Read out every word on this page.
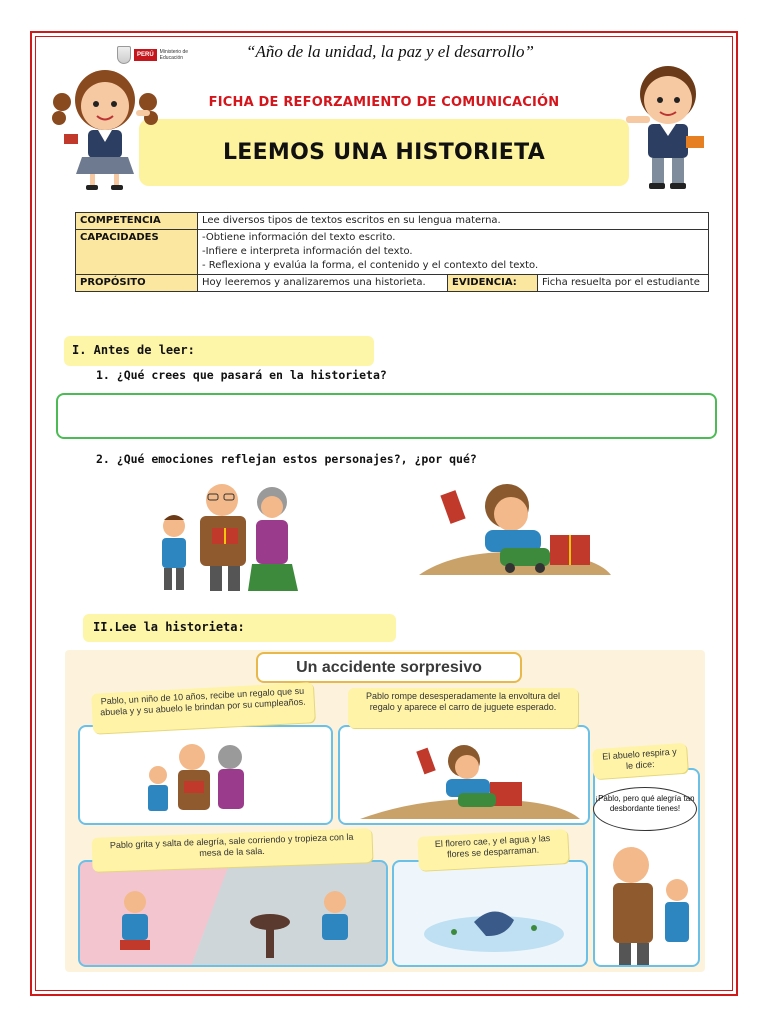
PERÚ	Ministerio de Educación	“Año de la unidad, la paz y el desarrollo”
FICHA DE REFORZAMIENTO DE COMUNICACIÓN
LEEMOS UNA HISTORIETA
COMPETENCIA	Lee diversos tipos de textos escritos en su lengua materna.		
CAPACIDADES	-Obtiene información del texto escrito.
-Infiere e interpreta información del texto.
- Reflexiona y evalúa la forma, el contenido y el contexto del texto.		

PROPÓSITO	Hoy leeremos y analizaremos una historieta.	EVIDENCIA:	Ficha resuelta por el estudiante
I. Antes de leer:
1. ¿Qué crees que pasará en la historieta?
2. ¿Qué emociones reflejan estos personajes?, ¿por qué?
II.Lee la historieta:
Un accidente sorpresivo
Pablo, un niño de 10 años, recibe un regalo que su abuela y y su abuelo le brindan por su cumpleaños.
Pablo rompe desesperadamente la envoltura del regalo y aparece el carro de juguete esperado.
Pablo grita y salta de alegría, sale corriendo y tropieza con la mesa de la sala.
El florero cae, y el agua y las flores se desparraman.
El abuelo respira y le dice:
¡Pablo, pero qué alegría tan desbordante tienes!
